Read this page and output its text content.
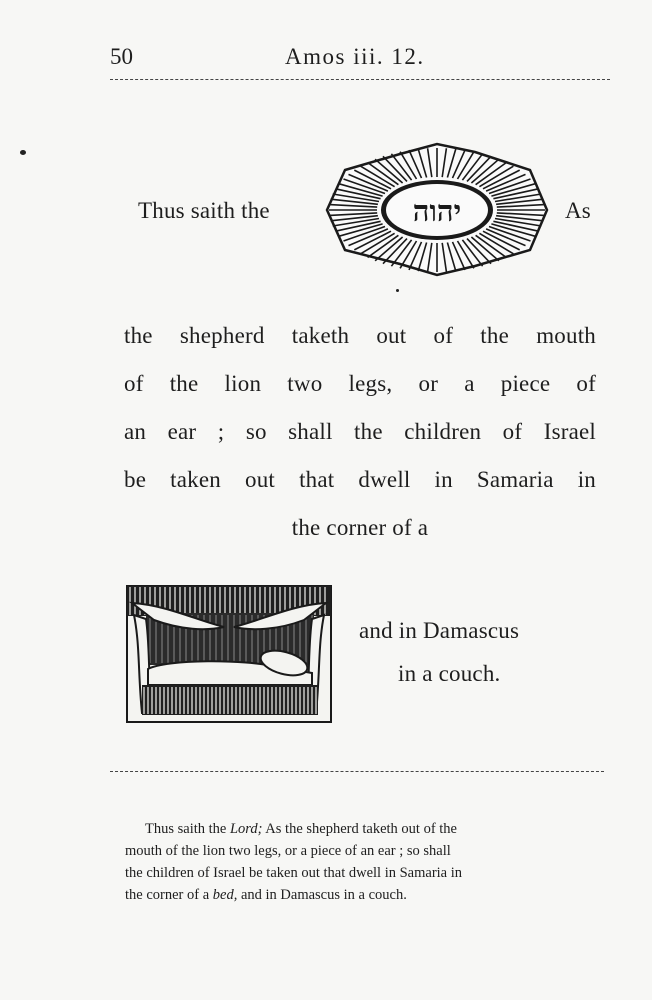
50	Amos iii. 12.
Thus saith the	As
יהוה
the shepherd taketh out of the mouth
of the lion two legs, or a piece of
an ear ; so shall the children of Israel
be taken out that dwell in Samaria in
the corner of a
and in Damascus
in a couch.

Thus saith the Lord; As the shepherd taketh out of the

mouth of the lion two legs, or a piece of an ear ; so shall
the children of Israel be taken out that dwell in Samaria in
the corner of a bed, and in Damascus in a couch.
